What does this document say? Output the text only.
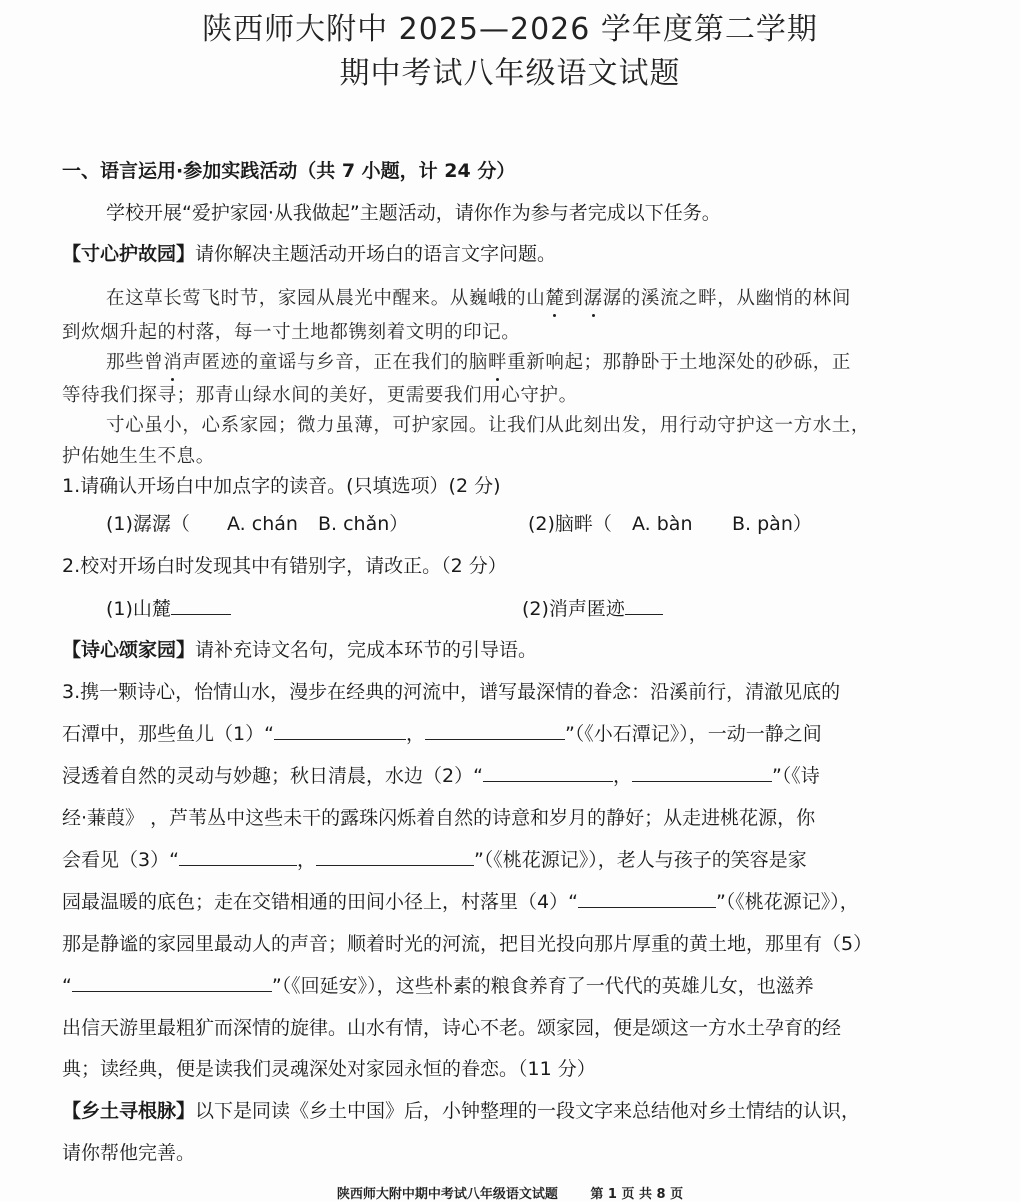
陕西师大附中 2025—2026 学年度第二学期
期中考试八年级语文试题
一、语言运用·参加实践活动（共 7 小题，计 24 分）
学校开展“爱护家园·从我做起”主题活动，请你作为参与者完成以下任务。
【寸心护故园】请你解决主题活动开场白的语言文字问题。
在这草长莺飞时节，家园从晨光中醒来。从巍峨的山麓到潺潺的溪流之畔，从幽悄的林间
到炊烟升起的村落，每一寸土地都镌刻着文明的印记。
那些曾消声匿迹的童谣与乡音，正在我们的脑畔重新响起；那静卧于土地深处的砂砾，正
等待我们探寻；那青山绿水间的美好，更需要我们用心守护。
寸心虽小，心系家园；微力虽薄，可护家园。让我们从此刻出发，用行动守护这一方水土，
护佑她生生不息。
1.请确认开场白中加点字的读音。(只填选项）(2 分)
(1)潺潺（ A. chán B. chǎn）	(2)脑畔（ A. bàn B. pàn）
2.校对开场白时发现其中有错别字，请改正。（2 分）
(1)山麓	(2)消声匿迹
【诗心颂家园】请补充诗文名句，完成本环节的引导语。
3.携一颗诗心，怡情山水，漫步在经典的河流中，谱写最深情的眷念：沿溪前行，清澈见底的
石潭中，那些鱼儿（1）“	，	”（《小石潭记》），一动一静之间
浸透着自然的灵动与妙趣；秋日清晨，水边（2）“	，	”（《诗
经·蒹葭》 ，芦苇丛中这些未干的露珠闪烁着自然的诗意和岁月的静好；从走进桃花源，你
会看见（3）“	，	”（《桃花源记》），老人与孩子的笑容是家
园最温暖的底色；走在交错相通的田间小径上，村落里（4）“	”（《桃花源记》），
那是静谧的家园里最动人的声音；顺着时光的河流，把目光投向那片厚重的黄土地，那里有（5）
“	”（《回延安》），这些朴素的粮食养育了一代代的英雄儿女，也滋养
出信天游里最粗犷而深情的旋律。山水有情，诗心不老。颂家园，便是颂这一方水土孕育的经
典；读经典，便是读我们灵魂深处对家园永恒的眷恋。（11 分）
【乡土寻根脉】以下是同读《乡土中国》后，小钟整理的一段文字来总结他对乡土情结的认识，
请你帮他完善。
陕西师大附中期中考试八年级语文试题	第 1 页 共 8 页
